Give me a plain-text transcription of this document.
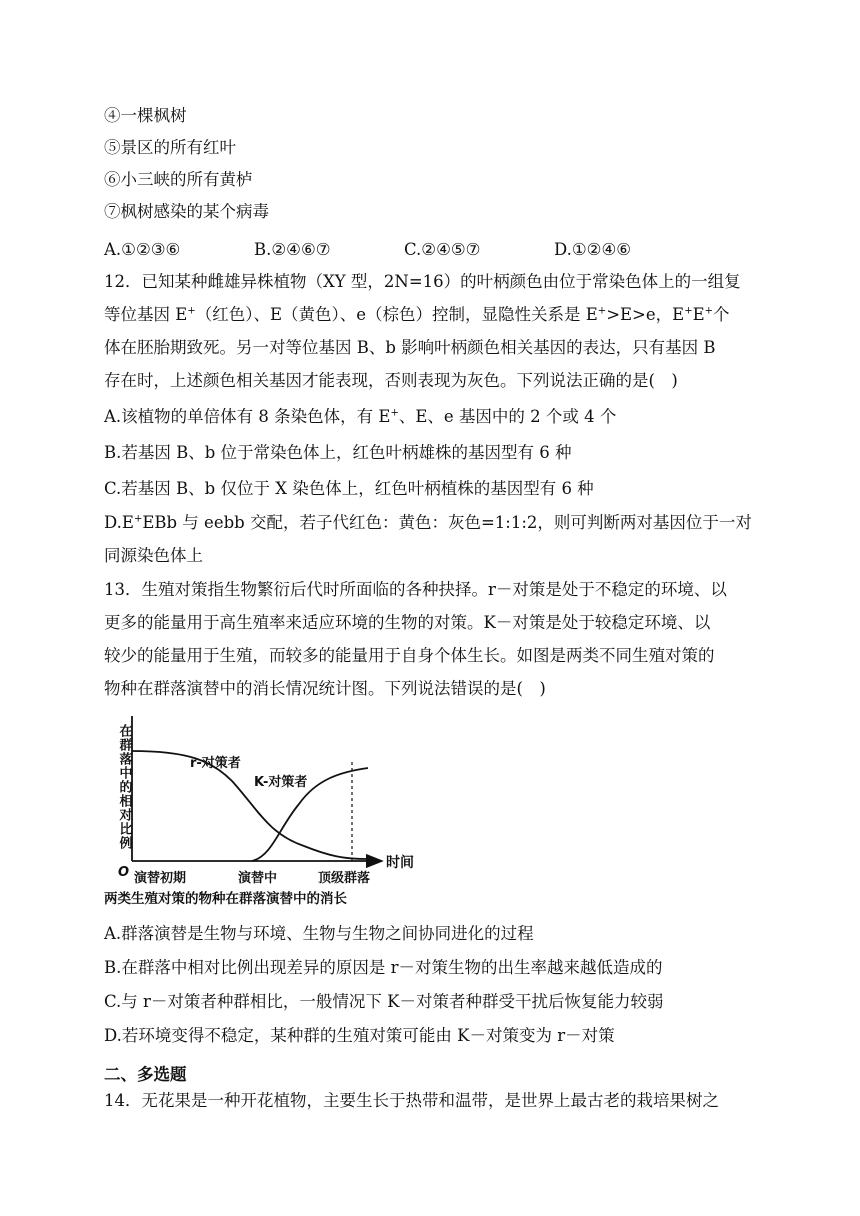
④一棵枫树
⑤景区的所有红叶
⑥小三峡的所有黄栌
⑦枫树感染的某个病毒
A.①②③⑥	B.②④⑥⑦	C.②④⑤⑦	D.①②④⑥
12．已知某种雌雄异株植物（XY 型，2N=16）的叶柄颜色由位于常染色体上的一组复
等位基因 E+（红色）、E（黄色）、e（棕色）控制，显隐性关系是 E+>E>e，E+E+个
体在胚胎期致死。另一对等位基因 B、b 影响叶柄颜色相关基因的表达，只有基因 B
存在时，上述颜色相关基因才能表现，否则表现为灰色。下列说法正确的是(　)
A.该植物的单倍体有 8 条染色体，有 E+、E、e 基因中的 2 个或 4 个
B.若基因 B、b 位于常染色体上，红色叶柄雄株的基因型有 6 种
C.若基因 B、b 仅位于 X 染色体上，红色叶柄植株的基因型有 6 种
D.E+EBb 与 eebb 交配，若子代红色：黄色：灰色=1:1:2，则可判断两对基因位于一对
同源染色体上
13．生殖对策指生物繁衍后代时所面临的各种抉择。r－对策是处于不稳定的环境、以
更多的能量用于高生殖率来适应环境的生物的对策。K－对策是处于较稳定环境、以
较少的能量用于生殖，而较多的能量用于自身个体生长。如图是两类不同生殖对策的
物种在群落演替中的消长情况统计图。下列说法错误的是(　)
在群落中的相对比例
时间
O
r-对策者
K-对策者
演替初期	演替中	顶级群落
两类生殖对策的物种在群落演替中的消长
A.群落演替是生物与环境、生物与生物之间协同进化的过程
B.在群落中相对比例出现差异的原因是 r－对策生物的出生率越来越低造成的
C.与 r－对策者种群相比，一般情况下 K－对策者种群受干扰后恢复能力较弱
D.若环境变得不稳定，某种群的生殖对策可能由 K－对策变为 r－对策
二、多选题
14．无花果是一种开花植物，主要生长于热带和温带，是世界上最古老的栽培果树之
